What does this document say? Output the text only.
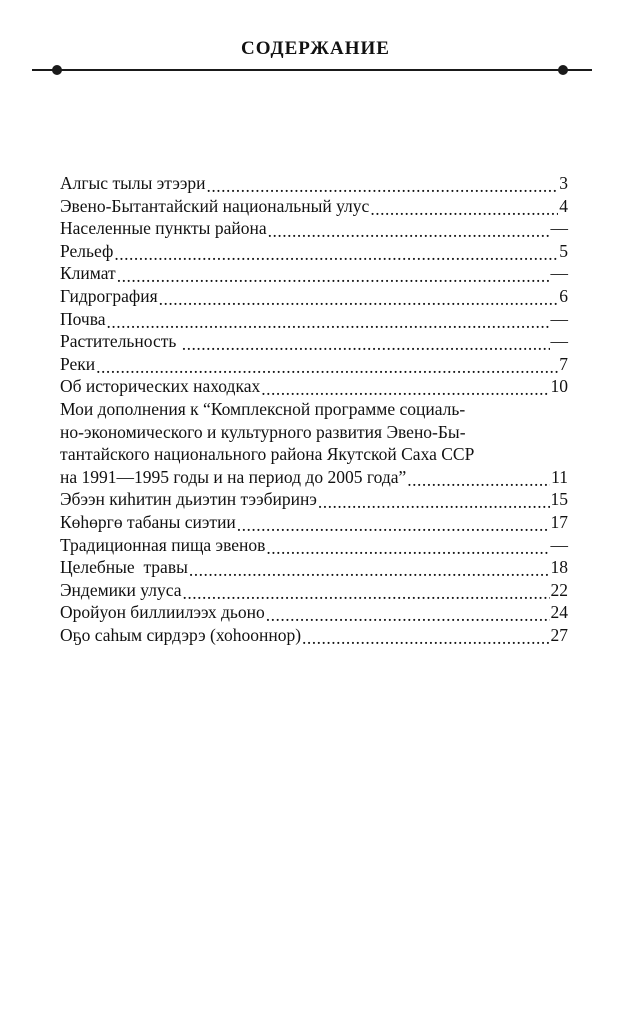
СОДЕРЖАНИЕ
Алгыс тылы этээри .....	3
Эвено-Бытантайский национальный улус .....	4
Населенные пункты района .....	—
Рельеф .....	5
Климат .....	—
Гидрография .....	6
Почва .....	—
Растительность .....	—
Реки .....	7
Об исторических находках .....	10
Мои дополнения к “Комплексной программе социаль-
но-экономического и культурного развития Эвено-Бы-
тантайского национального района Якутской Саха ССР
на 1991—1995 годы и на период до 2005 года” .....	11
Эбээн киhитин дьиэтин тээбиринэ .....	15
Көhөргө табаны сиэтии .....	17
Традиционная пища эвенов .....	—
Целебные  травы .....	18
Эндемики улуса .....	22
Оройуон биллиилээх дьоно .....	24
Оҕо саhым сирдэрэ (хоhооннор) .....	27
